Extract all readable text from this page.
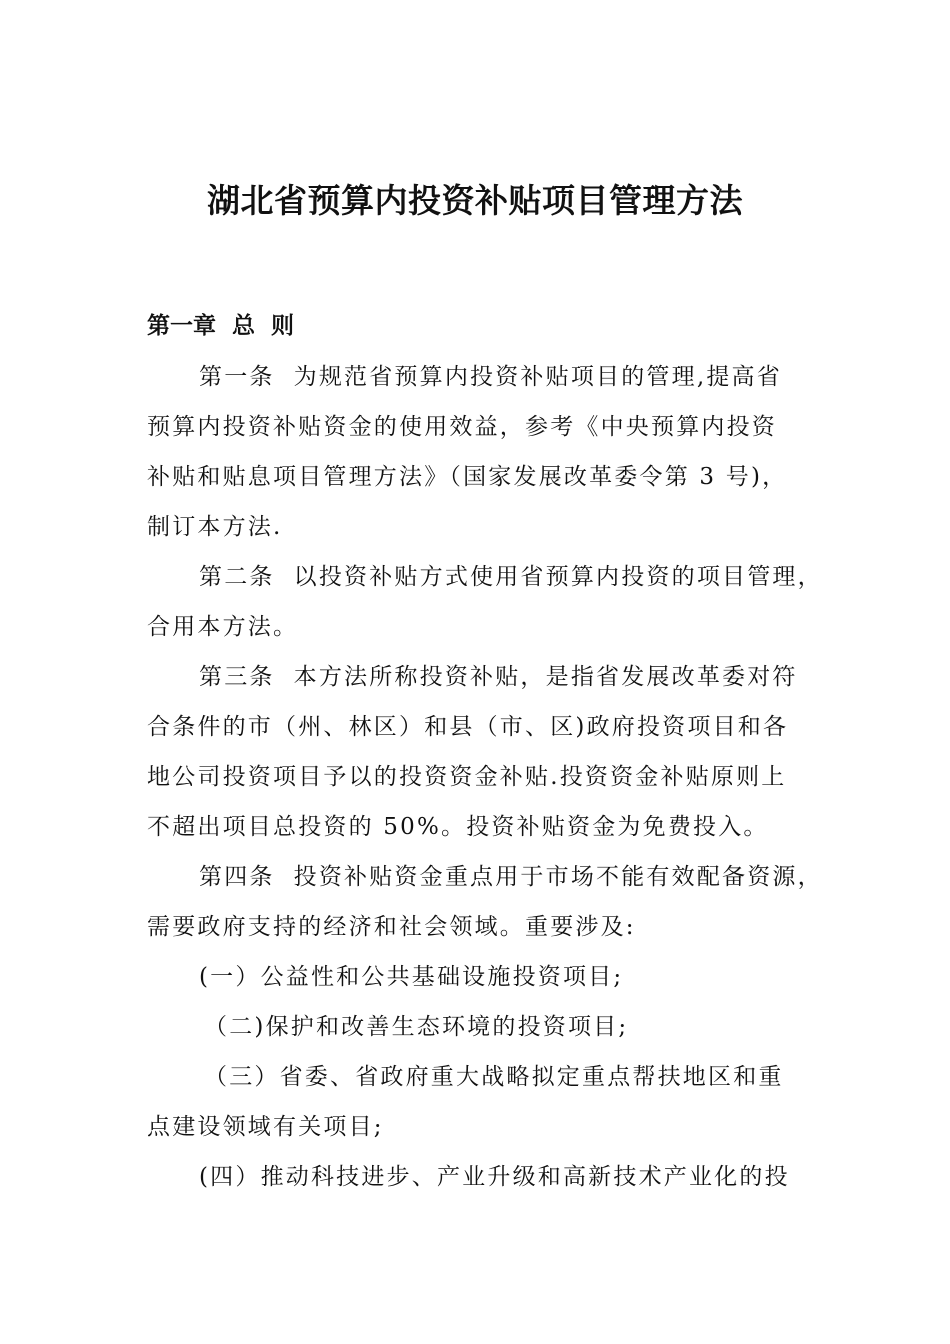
湖北省预算内投资补贴项目管理方法
第一章  总  则

第一条  为规范省预算内投资补贴项目的管理,提高省

预算内投资补贴资金的使用效益，参考《中央预算内投资

补贴和贴息项目管理方法》（国家发展改革委令第 3 号)，

制订本方法.

第二条  以投资补贴方式使用省预算内投资的项目管理，

合用本方法。

第三条  本方法所称投资补贴，是指省发展改革委对符

合条件的市（州、林区）和县（市、区)政府投资项目和各

地公司投资项目予以的投资资金补贴.投资资金补贴原则上

不超出项目总投资的 50%。投资补贴资金为免费投入。

第四条  投资补贴资金重点用于市场不能有效配备资源，

需要政府支持的经济和社会领域。重要涉及:

(一）公益性和公共基础设施投资项目;

（二)保护和改善生态环境的投资项目;

（三）省委、省政府重大战略拟定重点帮扶地区和重

点建设领域有关项目;

(四）推动科技进步、产业升级和高新技术产业化的投
